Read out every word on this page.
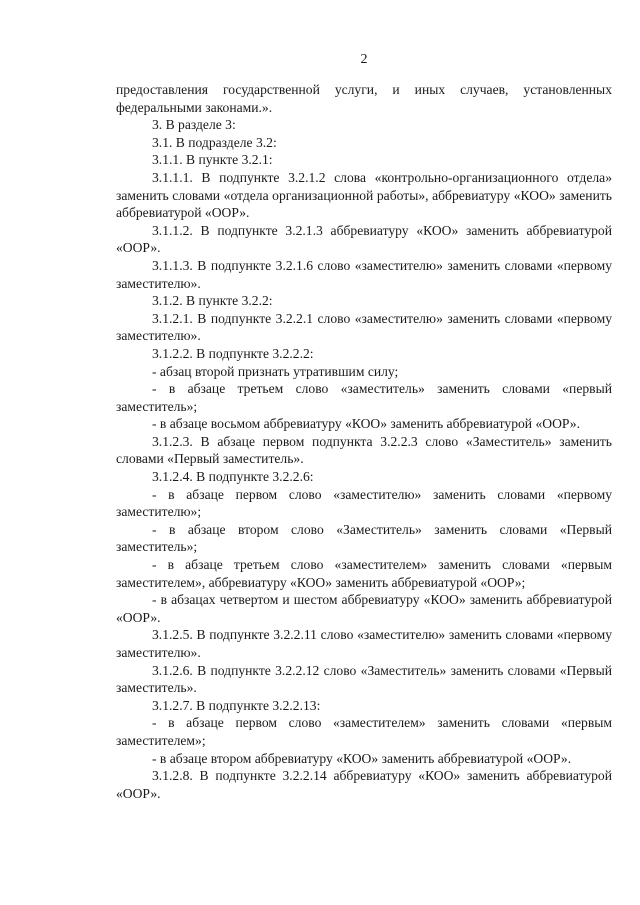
2

предоставления государственной услуги, и иных случаев, установленных федеральными законами.».

3. В разделе 3:

3.1. В подразделе 3.2:

3.1.1. В пункте 3.2.1:

3.1.1.1. В подпункте 3.2.1.2 слова «контрольно-организационного отдела» заменить словами «отдела организационной работы», аббревиатуру «КОО» заменить аббревиатурой «ООР».

3.1.1.2. В подпункте 3.2.1.3 аббревиатуру «КОО» заменить аббревиатурой «ООР».

3.1.1.3. В подпункте 3.2.1.6 слово «заместителю» заменить словами «первому заместителю».

3.1.2. В пункте 3.2.2:

3.1.2.1. В подпункте 3.2.2.1 слово «заместителю» заменить словами «первому заместителю».

3.1.2.2. В подпункте 3.2.2.2:

- абзац второй признать утратившим силу;

- в абзаце третьем слово «заместитель» заменить словами «первый заместитель»;

- в абзаце восьмом аббревиатуру «КОО» заменить аббревиатурой «ООР».

3.1.2.3. В абзаце первом подпункта 3.2.2.3 слово «Заместитель» заменить словами «Первый заместитель».

3.1.2.4. В подпункте 3.2.2.6:

- в абзаце первом слово «заместителю» заменить словами «первому заместителю»;

- в абзаце втором слово «Заместитель» заменить словами «Первый заместитель»;

- в абзаце третьем слово «заместителем» заменить словами «первым заместителем», аббревиатуру «КОО» заменить аббревиатурой «ООР»;

- в абзацах четвертом и шестом аббревиатуру «КОО» заменить аббревиатурой «ООР».

3.1.2.5. В подпункте 3.2.2.11 слово «заместителю» заменить словами «первому заместителю».

3.1.2.6. В подпункте 3.2.2.12 слово «Заместитель» заменить словами «Первый заместитель».

3.1.2.7. В подпункте 3.2.2.13:

- в абзаце первом слово «заместителем» заменить словами «первым заместителем»;

- в абзаце втором аббревиатуру «КОО» заменить аббревиатурой «ООР».

3.1.2.8. В подпункте 3.2.2.14 аббревиатуру «КОО» заменить аббревиатурой «ООР».
